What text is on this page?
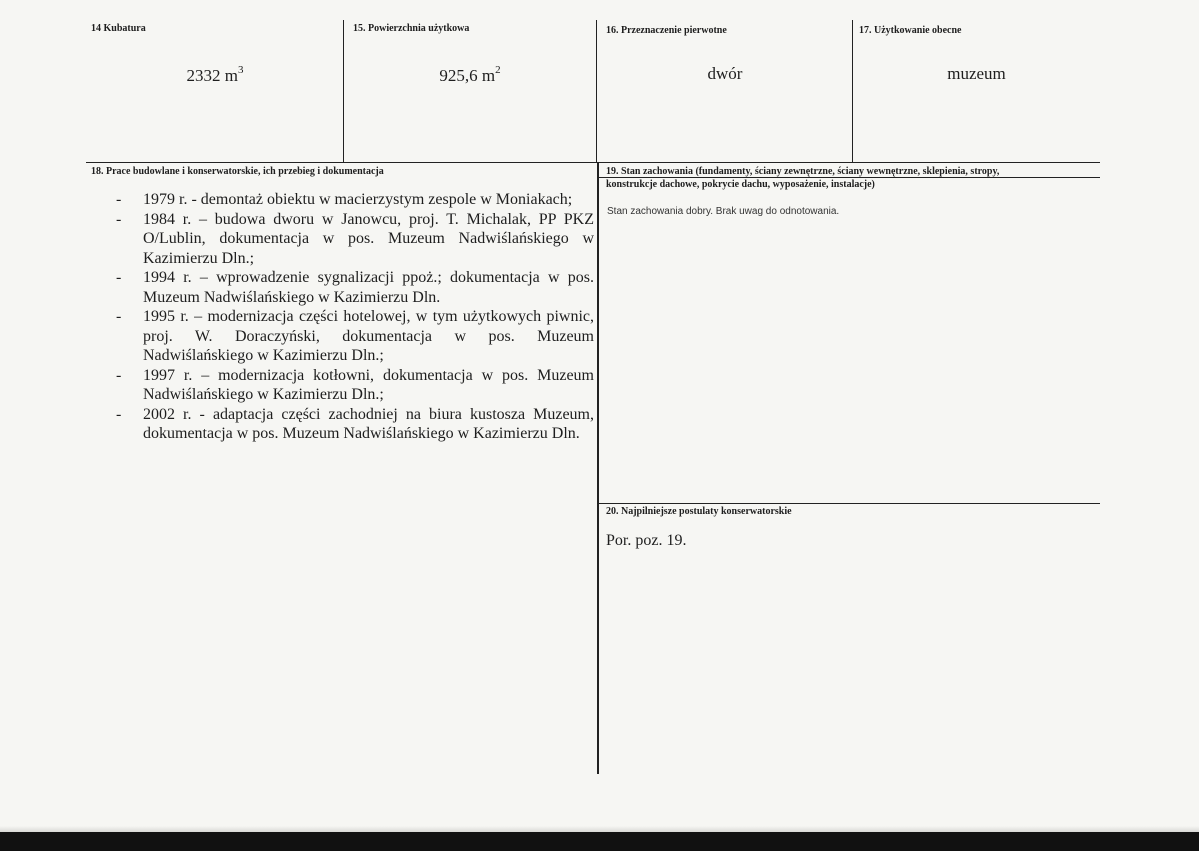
14 Kubatura
2332 $m^3$
15. Powierzchnia użytkowa
925,6 $m^2$
16. Przeznaczenie pierwotne
dwór
17. Użytkowanie obecne
muzeum
18. Prace budowlane i konserwatorskie, ich przebieg i dokumentacja
- 1979 r. - demontaż obiektu w macierzystym zespole w Moniakach;
- 1984 r. – budowa dworu w Janowcu, proj. T. Michalak, PP PKZ O/Lublin, dokumentacja w pos. Muzeum Nadwiślańskiego w Kazimierzu Dln.;
- 1994 r. – wprowadzenie sygnalizacji ppoż.; dokumentacja w pos. Muzeum Nadwiślańskiego w Kazimierzu Dln.
- 1995 r. – modernizacja części hotelowej, w tym użytkowych piwnic, proj. W. Doraczyński, dokumentacja w pos. Muzeum Nadwiślańskiego w Kazimierzu Dln.;
- 1997 r. – modernizacja kotłowni, dokumentacja w pos. Muzeum Nadwiślańskiego w Kazimierzu Dln.;
- 2002 r. - adaptacja części zachodniej na biura kustosza Muzeum, dokumentacja w pos. Muzeum Nadwiślańskiego w Kazimierzu Dln.
19. Stan zachowania (fundamenty, ściany zewnętrzne, ściany wewnętrzne, sklepienia, stropy,
konstrukcje dachowe, pokrycie dachu, wyposażenie, instalacje)
Stan zachowania dobry. Brak uwag do odnotowania.
20. Najpilniejsze postulaty konserwatorskie
Por. poz. 19.
